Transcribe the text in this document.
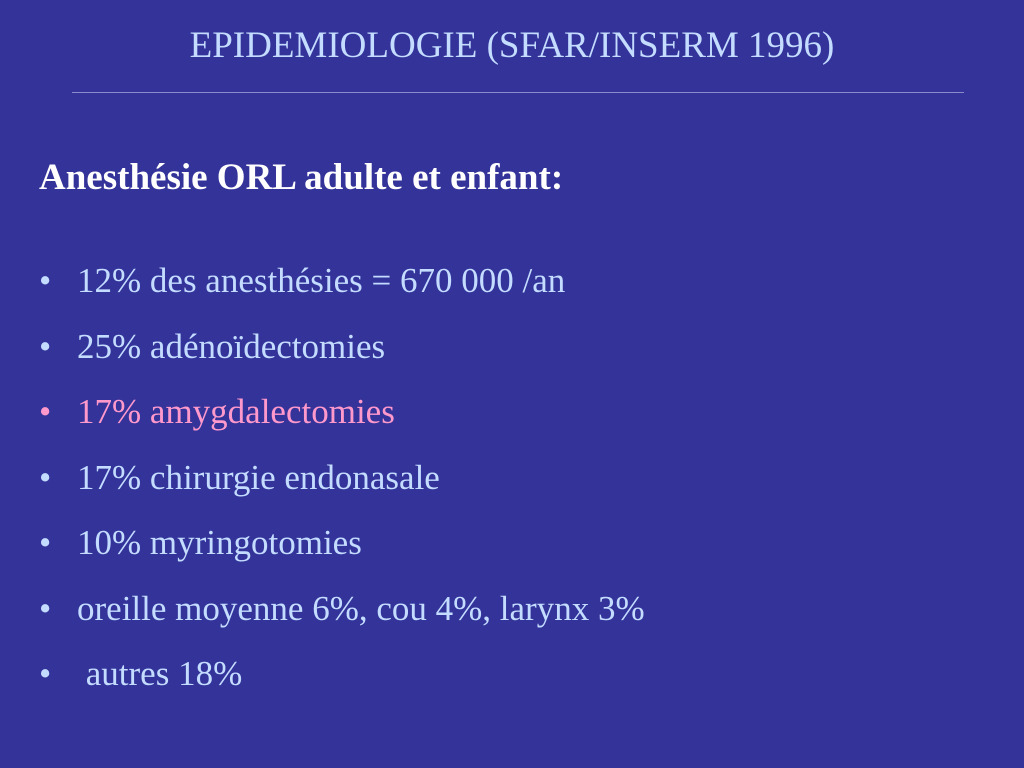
EPIDEMIOLOGIE (SFAR/INSERM 1996)
Anesthésie ORL adulte et enfant:
• 12% des anesthésies = 670 000 /an
• 25% adénoïdectomies
• 17% amygdalectomies
• 17% chirurgie endonasale
• 10% myringotomies
• oreille moyenne 6%, cou 4%, larynx 3%
• autres 18%
